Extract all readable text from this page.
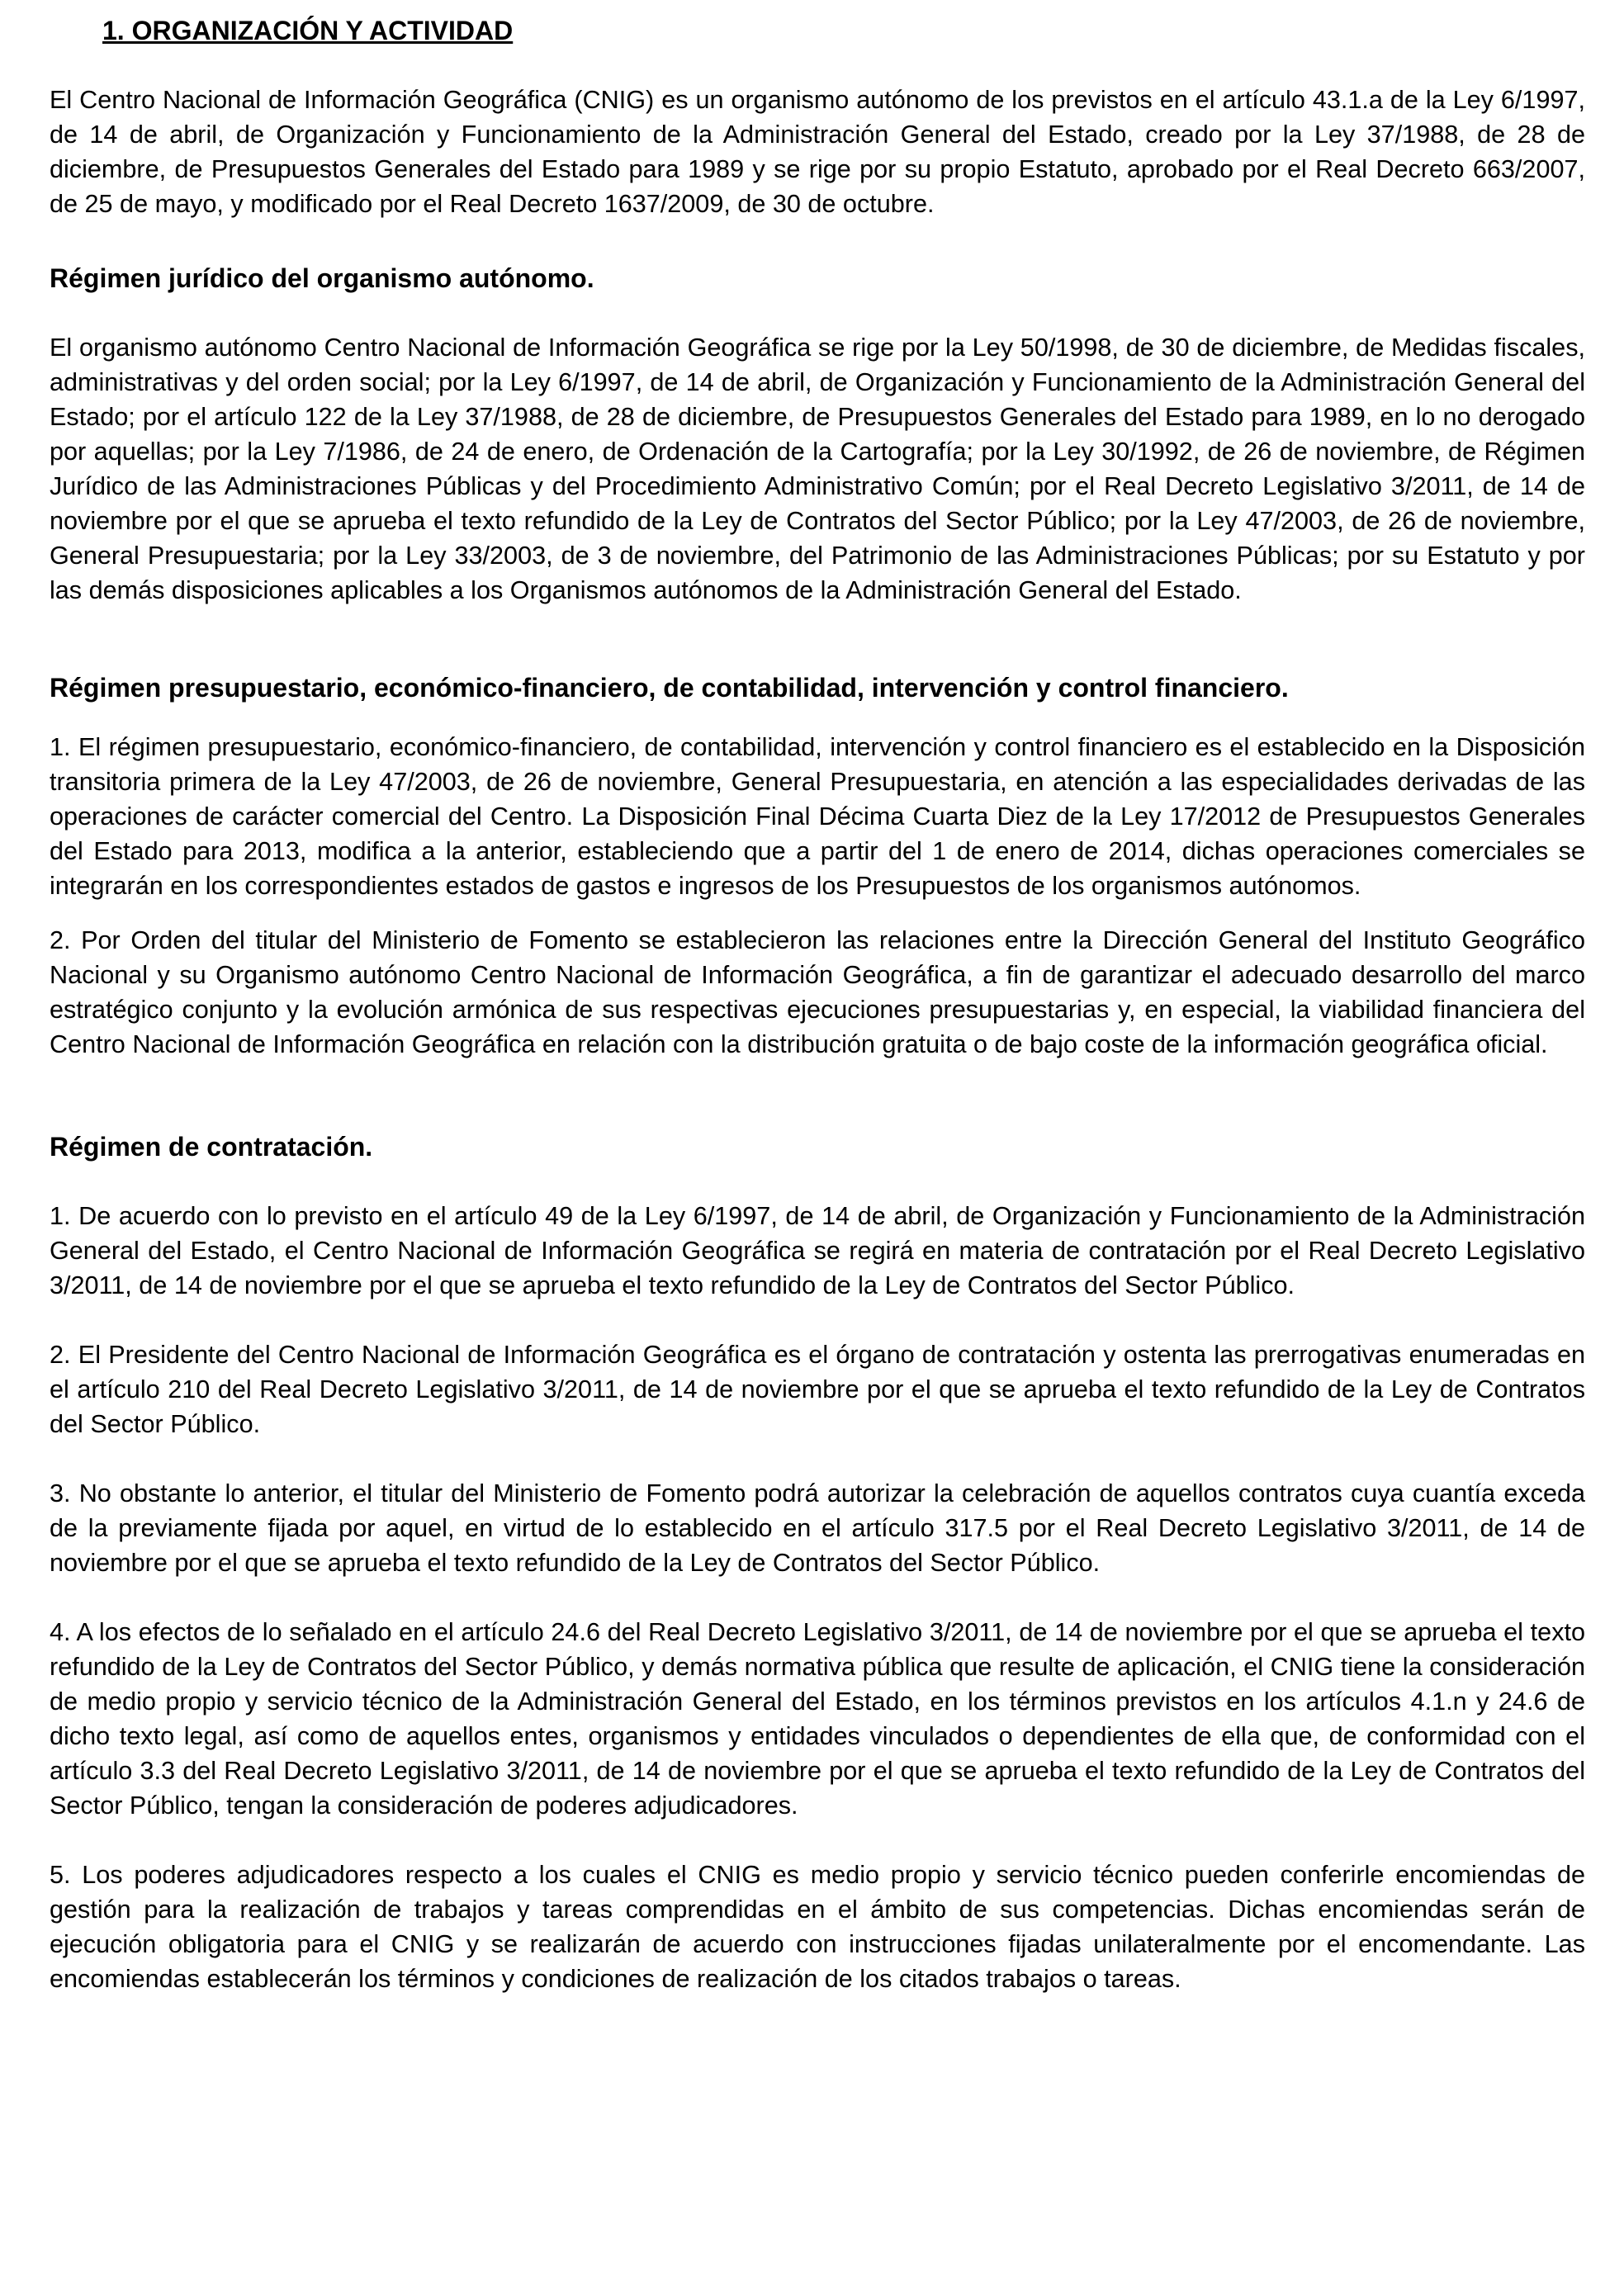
1. ORGANIZACIÓN Y ACTIVIDAD

El Centro Nacional de Información Geográfica (CNIG) es un organismo autónomo de los previstos en el artículo 43.1.a de la Ley 6/1997, de 14 de abril, de Organización y Funcionamiento de la Administración General del Estado, creado por la Ley 37/1988, de 28 de diciembre, de Presupuestos Generales del Estado para 1989 y se rige por su propio Estatuto, aprobado por el Real Decreto 663/2007, de 25 de mayo, y modificado por el Real Decreto 1637/2009, de 30 de octubre.

Régimen jurídico del organismo autónomo.

El organismo autónomo Centro Nacional de Información Geográfica se rige por la Ley 50/1998, de 30 de diciembre, de Medidas fiscales, administrativas y del orden social; por la Ley 6/1997, de 14 de abril, de Organización y Funcionamiento de la Administración General del Estado; por el artículo 122 de la Ley 37/1988, de 28 de diciembre, de Presupuestos Generales del Estado para 1989, en lo no derogado por aquellas; por la Ley 7/1986, de 24 de enero, de Ordenación de la Cartografía; por la Ley 30/1992, de 26 de noviembre, de Régimen Jurídico de las Administraciones Públicas y del Procedimiento Administrativo Común; por el Real Decreto Legislativo 3/2011, de 14 de noviembre por el que se aprueba el texto refundido de la Ley de Contratos del Sector Público; por la Ley 47/2003, de 26 de noviembre, General Presupuestaria; por la Ley 33/2003, de 3 de noviembre, del Patrimonio de las Administraciones Públicas; por su Estatuto y por las demás disposiciones aplicables a los Organismos autónomos de la Administración General del Estado.

Régimen presupuestario, económico-financiero, de contabilidad, intervención y control financiero.

1. El régimen presupuestario, económico-financiero, de contabilidad, intervención y control financiero es el establecido en la Disposición transitoria primera de la Ley 47/2003, de 26 de noviembre, General Presupuestaria, en atención a las especialidades derivadas de las operaciones de carácter comercial del Centro. La Disposición Final Décima Cuarta Diez de la Ley 17/2012 de Presupuestos Generales del Estado para 2013, modifica a la anterior, estableciendo que a partir del 1 de enero de 2014, dichas operaciones comerciales se integrarán en los correspondientes estados de gastos e ingresos de los Presupuestos de los organismos autónomos.

2. Por Orden del titular del Ministerio de Fomento se establecieron las relaciones entre la Dirección General del Instituto Geográfico Nacional y su Organismo autónomo Centro Nacional de Información Geográfica, a fin de garantizar el adecuado desarrollo del marco estratégico conjunto y la evolución armónica de sus respectivas ejecuciones presupuestarias y, en especial, la viabilidad financiera del Centro Nacional de Información Geográfica en relación con la distribución gratuita o de bajo coste de la información geográfica oficial.

Régimen de contratación.

1. De acuerdo con lo previsto en el artículo 49 de la Ley 6/1997, de 14 de abril, de Organización y Funcionamiento de la Administración General del Estado, el Centro Nacional de Información Geográfica se regirá en materia de contratación por el Real Decreto Legislativo 3/2011, de 14 de noviembre por el que se aprueba el texto refundido de la Ley de Contratos del Sector Público.

2. El Presidente del Centro Nacional de Información Geográfica es el órgano de contratación y ostenta las prerrogativas enumeradas en el artículo 210 del Real Decreto Legislativo 3/2011, de 14 de noviembre por el que se aprueba el texto refundido de la Ley de Contratos del Sector Público.

3. No obstante lo anterior, el titular del Ministerio de Fomento podrá autorizar la celebración de aquellos contratos cuya cuantía exceda de la previamente fijada por aquel, en virtud de lo establecido en el artículo 317.5 por el Real Decreto Legislativo 3/2011, de 14 de noviembre por el que se aprueba el texto refundido de la Ley de Contratos del Sector Público.

4. A los efectos de lo señalado en el artículo 24.6 del Real Decreto Legislativo 3/2011, de 14 de noviembre por el que se aprueba el texto refundido de la Ley de Contratos del Sector Público, y demás normativa pública que resulte de aplicación, el CNIG tiene la consideración de medio propio y servicio técnico de la Administración General del Estado, en los términos previstos en los artículos 4.1.n y 24.6 de dicho texto legal, así como de aquellos entes, organismos y entidades vinculados o dependientes de ella que, de conformidad con el artículo 3.3 del Real Decreto Legislativo 3/2011, de 14 de noviembre por el que se aprueba el texto refundido de la Ley de Contratos del Sector Público, tengan la consideración de poderes adjudicadores.

5. Los poderes adjudicadores respecto a los cuales el CNIG es medio propio y servicio técnico pueden conferirle encomiendas de gestión para la realización de trabajos y tareas comprendidas en el ámbito de sus competencias. Dichas encomiendas serán de ejecución obligatoria para el CNIG y se realizarán de acuerdo con instrucciones fijadas unilateralmente por el encomendante. Las encomiendas establecerán los términos y condiciones de realización de los citados trabajos o tareas.
